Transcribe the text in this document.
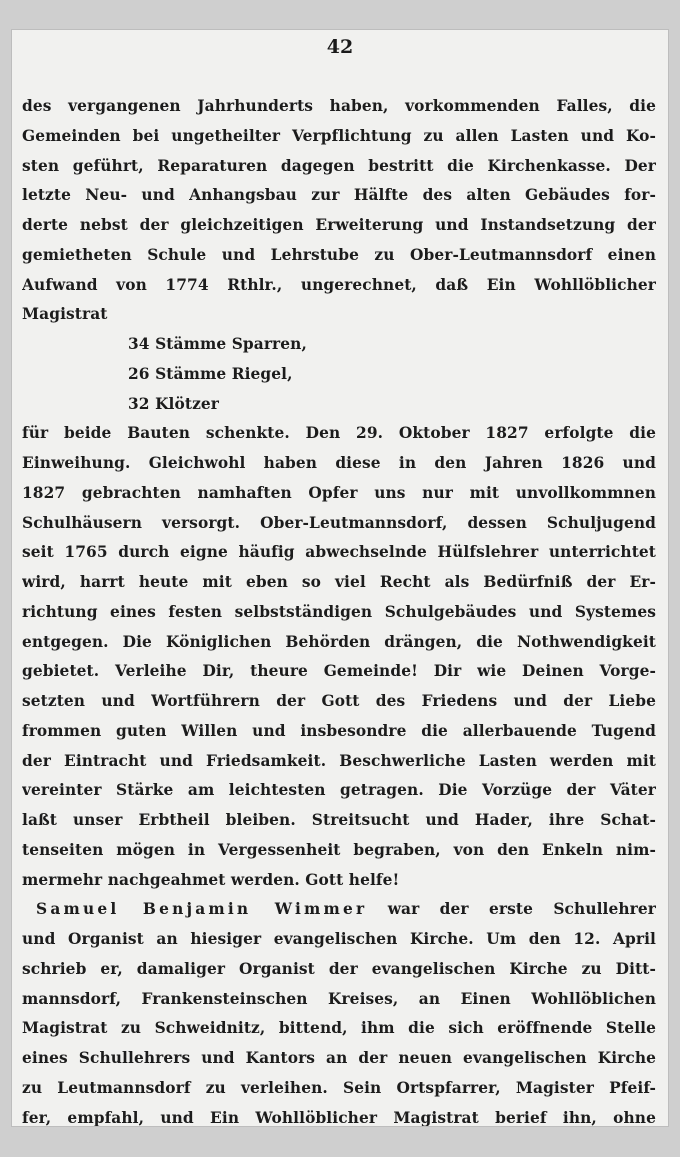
42
des vergangenen Jahrhunderts haben, vorkommenden Falles, die
Gemeinden bei ungetheilter Verpflichtung zu allen Lasten und Ko-
sten geführt, Reparaturen dagegen bestritt die Kirchenkasse. Der
letzte Neu- und Anhangsbau zur Hälfte des alten Gebäudes for-
derte nebst der gleichzeitigen Erweiterung und Instandsetzung der
gemietheten Schule und Lehrstube zu Ober-Leutmannsdorf einen
Aufwand von 1774 Rthlr., ungerechnet, daß Ein Wohllöblicher
Magistrat
34 Stämme Sparren,
26 Stämme Riegel,
32 Klötzer
für beide Bauten schenkte. Den 29. Oktober 1827 erfolgte die
Einweihung. Gleichwohl haben diese in den Jahren 1826 und
1827 gebrachten namhaften Opfer uns nur mit unvollkommnen
Schulhäusern versorgt. Ober-Leutmannsdorf, dessen Schuljugend
seit 1765 durch eigne häufig abwechselnde Hülfslehrer unterrichtet
wird, harrt heute mit eben so viel Recht als Bedürfniß der Er-
richtung eines festen selbstständigen Schulgebäudes und Systemes
entgegen. Die Königlichen Behörden drängen, die Nothwendigkeit
gebietet. Verleihe Dir, theure Gemeinde! Dir wie Deinen Vorge-
setzten und Wortführern der Gott des Friedens und der Liebe
frommen guten Willen und insbesondre die allerbauende Tugend
der Eintracht und Friedsamkeit. Beschwerliche Lasten werden mit
vereinter Stärke am leichtesten getragen. Die Vorzüge der Väter
laßt unser Erbtheil bleiben. Streitsucht und Hader, ihre Schat-
tenseiten mögen in Vergessenheit begraben, von den Enkeln nim-
mermehr nachgeahmet werden. Gott helfe!
Samuel Benjamin Wimmer war der erste Schullehrer
und Organist an hiesiger evangelischen Kirche. Um den 12. April
schrieb er, damaliger Organist der evangelischen Kirche zu Ditt-
mannsdorf, Frankensteinschen Kreises, an Einen Wohllöblichen
Magistrat zu Schweidnitz, bittend, ihm die sich eröffnende Stelle
eines Schullehrers und Kantors an der neuen evangelischen Kirche
zu Leutmannsdorf zu verleihen. Sein Ortspfarrer, Magister Pfeif-
fer, empfahl, und Ein Wohllöblicher Magistrat berief ihn, ohne
